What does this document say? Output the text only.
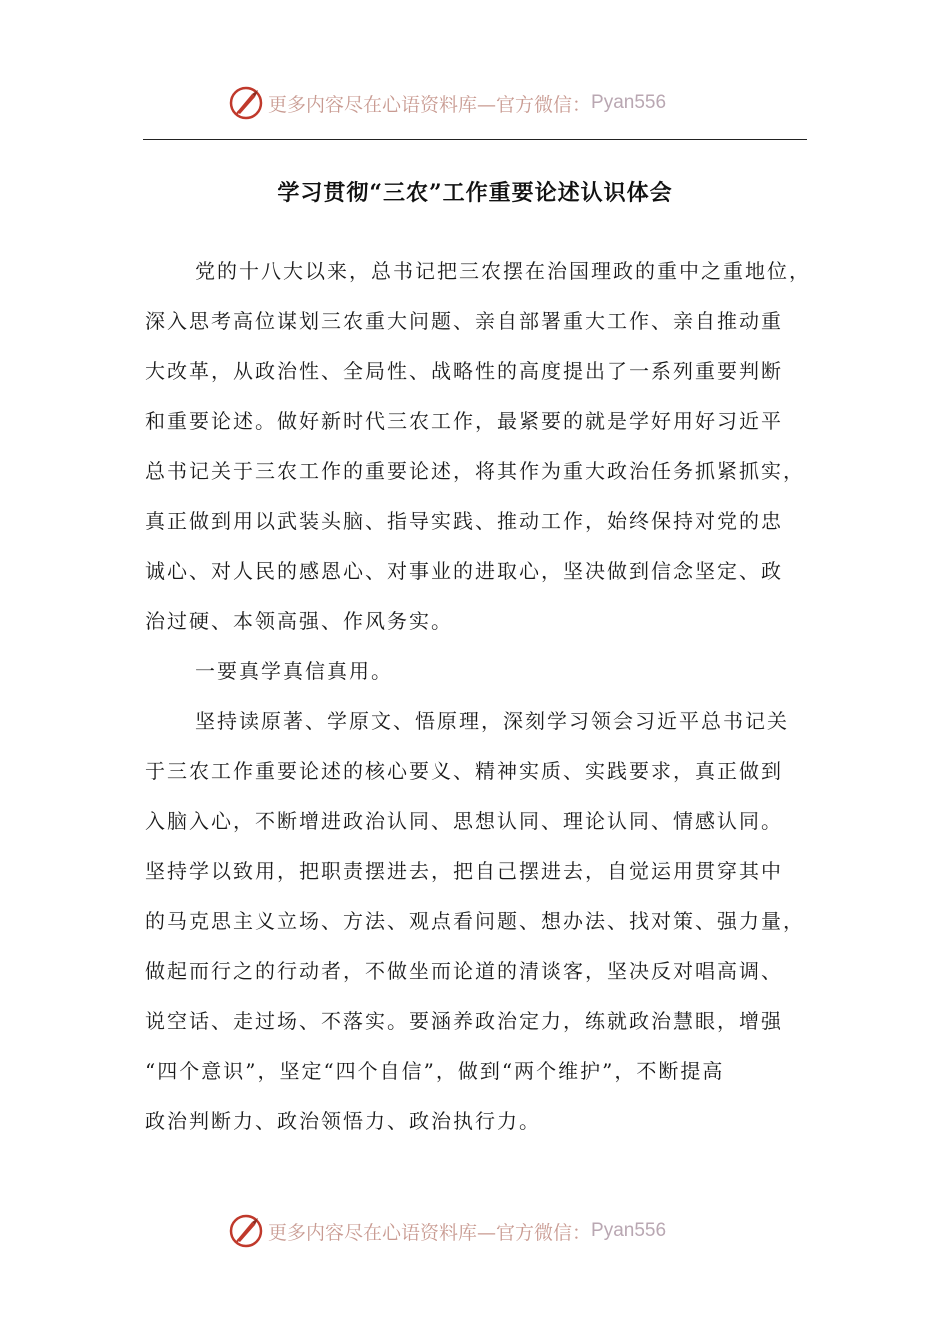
更多内容尽在心语资料库—官方微信： Pyan556
学习贯彻“三农”工作重要论述认识体会
党的十八大以来，总书记把三农摆在治国理政的重中之重地位，
深入思考高位谋划三农重大问题、亲自部署重大工作、亲自推动重
大改革，从政治性、全局性、战略性的高度提出了一系列重要判断
和重要论述。做好新时代三农工作，最紧要的就是学好用好习近平
总书记关于三农工作的重要论述，将其作为重大政治任务抓紧抓实，
真正做到用以武装头脑、指导实践、推动工作，始终保持对党的忠
诚心、对人民的感恩心、对事业的进取心，坚决做到信念坚定、政
治过硬、本领高强、作风务实。
一要真学真信真用。
坚持读原著、学原文、悟原理，深刻学习领会习近平总书记关
于三农工作重要论述的核心要义、精神实质、实践要求，真正做到
入脑入心，不断增进政治认同、思想认同、理论认同、情感认同。
坚持学以致用，把职责摆进去，把自己摆进去，自觉运用贯穿其中
的马克思主义立场、方法、观点看问题、想办法、找对策、强力量，
做起而行之的行动者，不做坐而论道的清谈客，坚决反对唱高调、
说空话、走过场、不落实。要涵养政治定力，练就政治慧眼，增强
“四个意识”，坚定“四个自信”，做到“两个维护”，不断提高
政治判断力、政治领悟力、政治执行力。
更多内容尽在心语资料库—官方微信： Pyan556
